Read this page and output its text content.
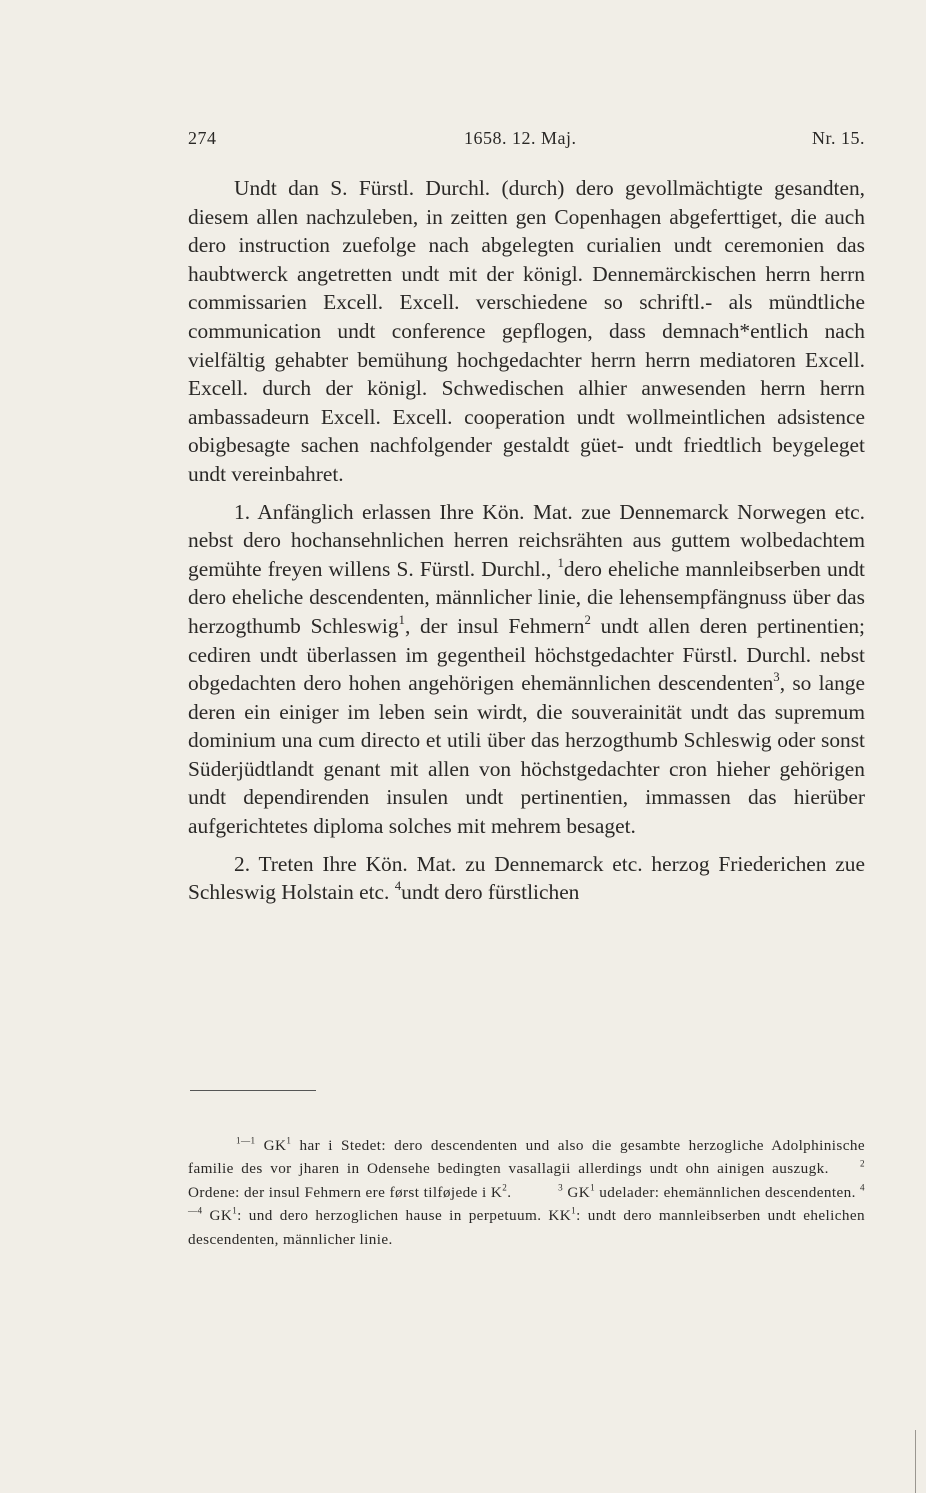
274	1658. 12. Maj.	Nr. 15.

Undt dan S. Fürstl. Durchl. (durch) dero gevollmächtigte gesandten, diesem allen nachzuleben, in zeitten gen Copenhagen abgeferttiget, die auch dero instruction zuefolge nach abgelegten curialien undt ceremonien das haubtwerck angetretten undt mit der königl. Dennemärckischen herrn herrn commissarien Excell. Excell. verschiedene so schriftl.- als mündtliche communication undt conference gepflogen, dass demnach*entlich nach vielfältig gehabter bemühung hochgedachter herrn herrn mediatoren Excell. Excell. durch der königl. Schwedischen alhier anwesenden herrn herrn ambassadeurn Excell. Excell. cooperation undt wollmeintlichen adsistence obigbesagte sachen nachfolgender gestaldt güet- undt friedtlich beygeleget undt vereinbahret.

1. Anfänglich erlassen Ihre Kön. Mat. zue Dennemarck Norwegen etc. nebst dero hochansehnlichen herren reichsrähten aus guttem wolbedachtem gemühte freyen willens S. Fürstl. Durchl., $^1$dero eheliche mannleibserben undt dero eheliche descendenten, männlicher linie, die lehensempfängnuss über das herzogthumb Schleswig$^1$, der insul Fehmern$^2$ undt allen deren pertinentien; cediren undt überlassen im gegentheil höchstgedachter Fürstl. Durchl. nebst obgedachten dero hohen angehörigen ehemännlichen descendenten$^3$, so lange deren ein einiger im leben sein wirdt, die souverainität undt das supremum dominium una cum directo et utili über das herzogthumb Schleswig oder sonst Süderjüdtlandt genant mit allen von höchstgedachter cron hieher gehörigen undt dependirenden insulen undt pertinentien, immassen das hierüber aufgerichtetes diploma solches mit mehrem besaget.

2. Treten Ihre Kön. Mat. zu Dennemarck etc. herzog Friederichen zue Schleswig Holstain etc. $^4$undt dero fürstlichen

$^{1—1}$ $GK^1$ har i Stedet: dero descendenten und also die gesambte herzogliche Adolphinische familie des vor jharen in Odensehe bedingten vasallagii allerdings undt ohn ainigen auszugk.  	$^2$ Ordene: der insul Fehmern ere først tilføjede i $K^2$.   	$^3$ $GK^1$ udelader: ehemännlichen descendenten. $^{4—4}$ $GK^1$: und dero herzoglichen hause in perpetuum. $KK^1$: undt dero mannleibserben undt ehelichen descendenten, männlicher linie.
